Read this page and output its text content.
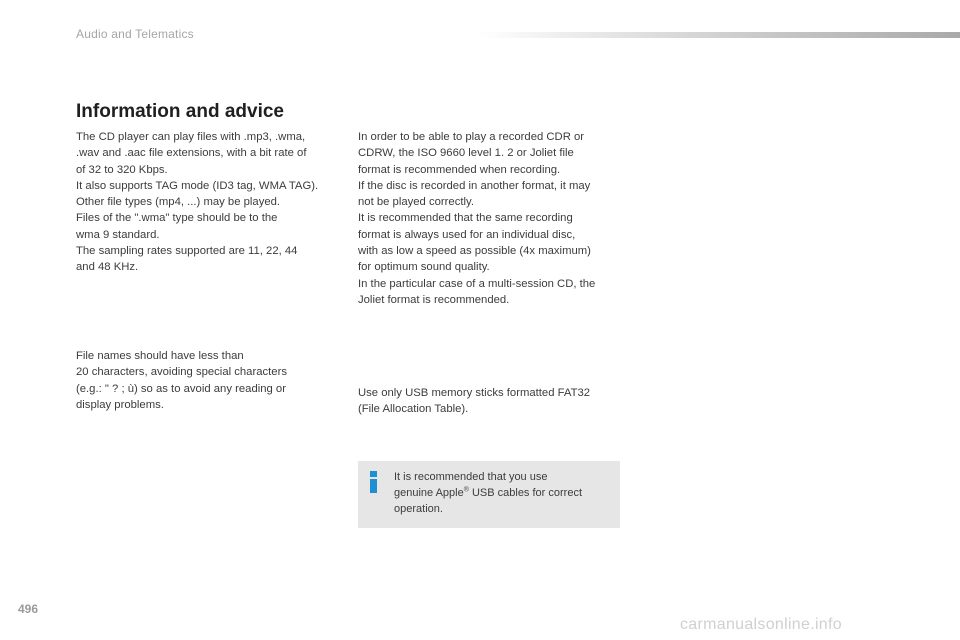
Audio and Telematics
Information and advice

The CD player can play files with .mp3, .wma,
.wav and .aac file extensions, with a bit rate of
of 32 to 320 Kbps.
It also supports TAG mode (ID3 tag, WMA TAG).
Other file types (mp4, ...) may be played.
Files of the ".wma" type should be to the
wma 9 standard.
The sampling rates supported are 11, 22, 44
and 48 KHz.

In order to be able to play a recorded CDR or
CDRW, the ISO 9660 level 1. 2 or Joliet file
format is recommended when recording.
If the disc is recorded in another format, it may
not be played correctly.
It is recommended that the same recording
format is always used for an individual disc,
with as low a speed as possible (4x maximum)
for optimum sound quality.
In the particular case of a multi-session CD, the
Joliet format is recommended.

File names should have less than
20 characters, avoiding special characters
(e.g.: " ? ; ù) so as to avoid any reading or
display problems.

Use only USB memory sticks formatted FAT32
(File Allocation Table).

It is recommended that you use
genuine Apple® USB cables for correct
operation.

496
carmanualsonline.info
